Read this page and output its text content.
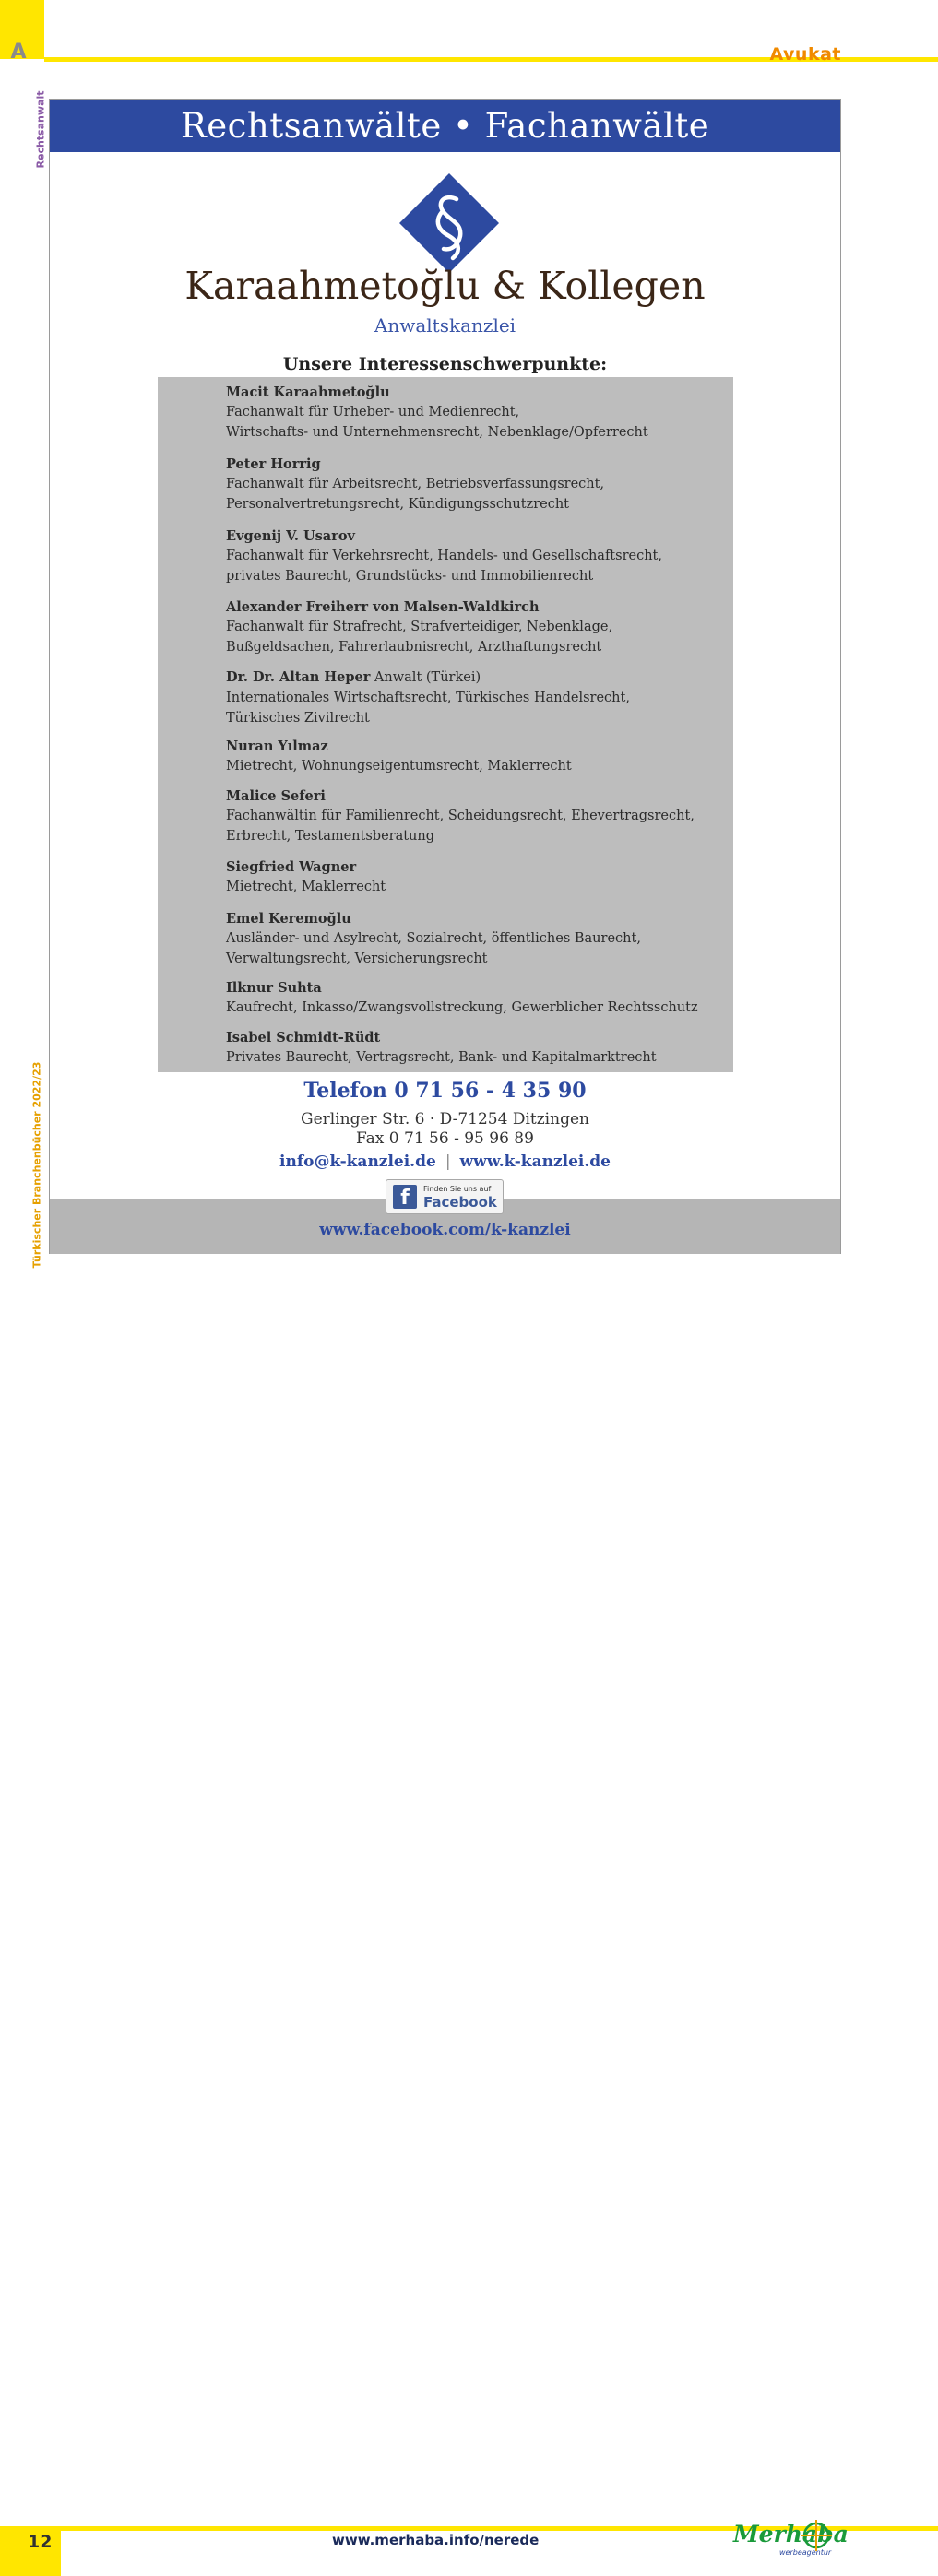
A	Avukat
Rechtsanwalt
Türkischer Branchenbücher 2022/23
Rechtsanwälte • Fachanwälte
Karaahmetoğlu & Kollegen
Anwaltskanzlei
Unsere Interessenschwerpunkte:
Macit Karaahmetoğlu
Fachanwalt für Urheber- und Medienrecht,
Wirtschafts- und Unternehmensrecht, Nebenklage/Opferrecht
Peter Horrig
Fachanwalt für Arbeitsrecht, Betriebsverfassungsrecht,
Personalvertretungsrecht, Kündigungsschutzrecht
Evgenij V. Usarov
Fachanwalt für Verkehrsrecht, Handels- und Gesellschaftsrecht,
privates Baurecht, Grundstücks- und Immobilienrecht
Alexander Freiherr von Malsen-Waldkirch
Fachanwalt für Strafrecht, Strafverteidiger, Nebenklage,
Bußgeldsachen, Fahrerlaubnisrecht, Arzthaftungsrecht
Dr. Dr. Altan Heper Anwalt (Türkei)
Internationales Wirtschaftsrecht, Türkisches Handelsrecht,
Türkisches Zivilrecht
Nuran Yılmaz
Mietrecht, Wohnungseigentumsrecht, Maklerrecht
Malice Seferi
Fachanwältin für Familienrecht, Scheidungsrecht, Ehevertragsrecht,
Erbrecht, Testamentsberatung
Siegfried Wagner
Mietrecht, Maklerrecht
Emel Keremoğlu
Ausländer- und Asylrecht, Sozialrecht, öffentliches Baurecht,
Verwaltungsrecht, Versicherungsrecht
Ilknur Suhta
Kaufrecht, Inkasso/Zwangsvollstreckung, Gewerblicher Rechtsschutz
Isabel Schmidt-Rüdt
Privates Baurecht, Vertragsrecht, Bank- und Kapitalmarktrecht
Telefon 0 71 56 - 4 35 90
Gerlinger Str. 6 · D-71254 Ditzingen
Fax 0 71 56 - 95 96 89
info@k-kanzlei.de | www.k-kanzlei.de
f	Finden Sie uns auf
Facebook
www.facebook.com/k-kanzlei
12	www.merhaba.info/nerede	Merhaba
werbeagentur
